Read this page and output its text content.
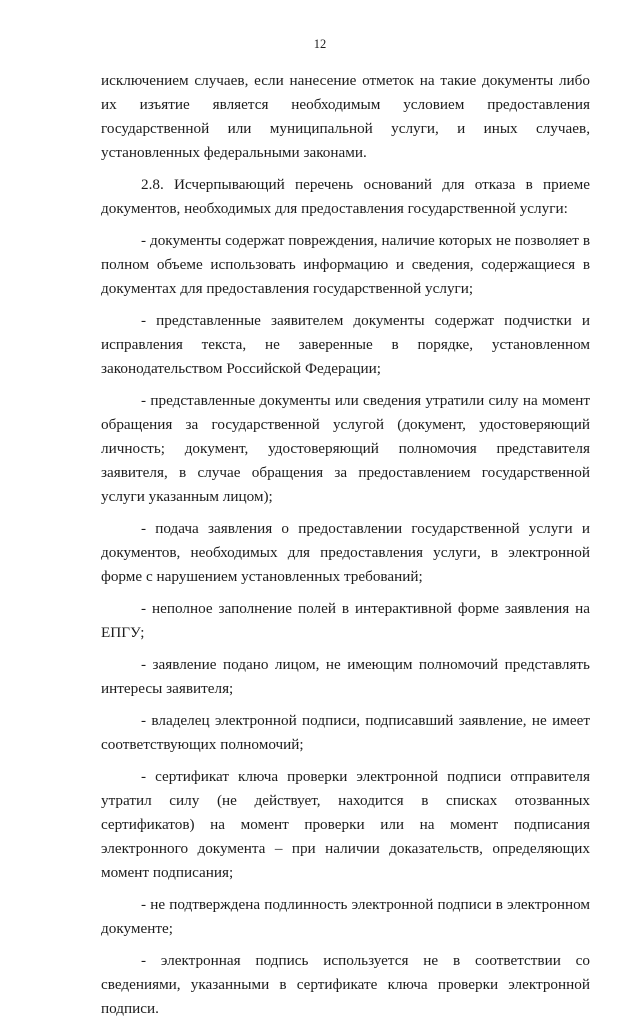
12

исключением случаев, если нанесение отметок на такие документы либо их изъятие является необходимым условием предоставления государственной или муниципальной услуги, и иных случаев, установленных федеральными законами.

2.8. Исчерпывающий перечень оснований для отказа в приеме документов, необходимых для предоставления государственной услуги:

- документы содержат повреждения, наличие которых не позволяет в полном объеме использовать информацию и сведения, содержащиеся в документах для предоставления государственной услуги;

- представленные заявителем документы содержат подчистки и исправления текста, не заверенные в порядке, установленном законодательством Российской Федерации;

- представленные документы или сведения утратили силу на момент обращения за государственной услугой (документ, удостоверяющий личность; документ, удостоверяющий полномочия представителя заявителя, в случае обращения за предоставлением государственной услуги указанным лицом);

- подача заявления о предоставлении государственной услуги и документов, необходимых для предоставления услуги, в электронной форме с нарушением установленных требований;

- неполное заполнение полей в интерактивной форме заявления на ЕПГУ;

- заявление подано лицом, не имеющим полномочий представлять интересы заявителя;

- владелец электронной подписи, подписавший заявление, не имеет соответствующих полномочий;

- сертификат ключа проверки электронной подписи отправителя утратил силу (не действует, находится в списках отозванных сертификатов) на момент проверки или на момент подписания электронного документа – при наличии доказательств, определяющих момент подписания;

- не подтверждена подлинность электронной подписи в электронном документе;

- электронная подпись используется не в соответствии со сведениями, указанными в сертификате ключа проверки электронной подписи.
